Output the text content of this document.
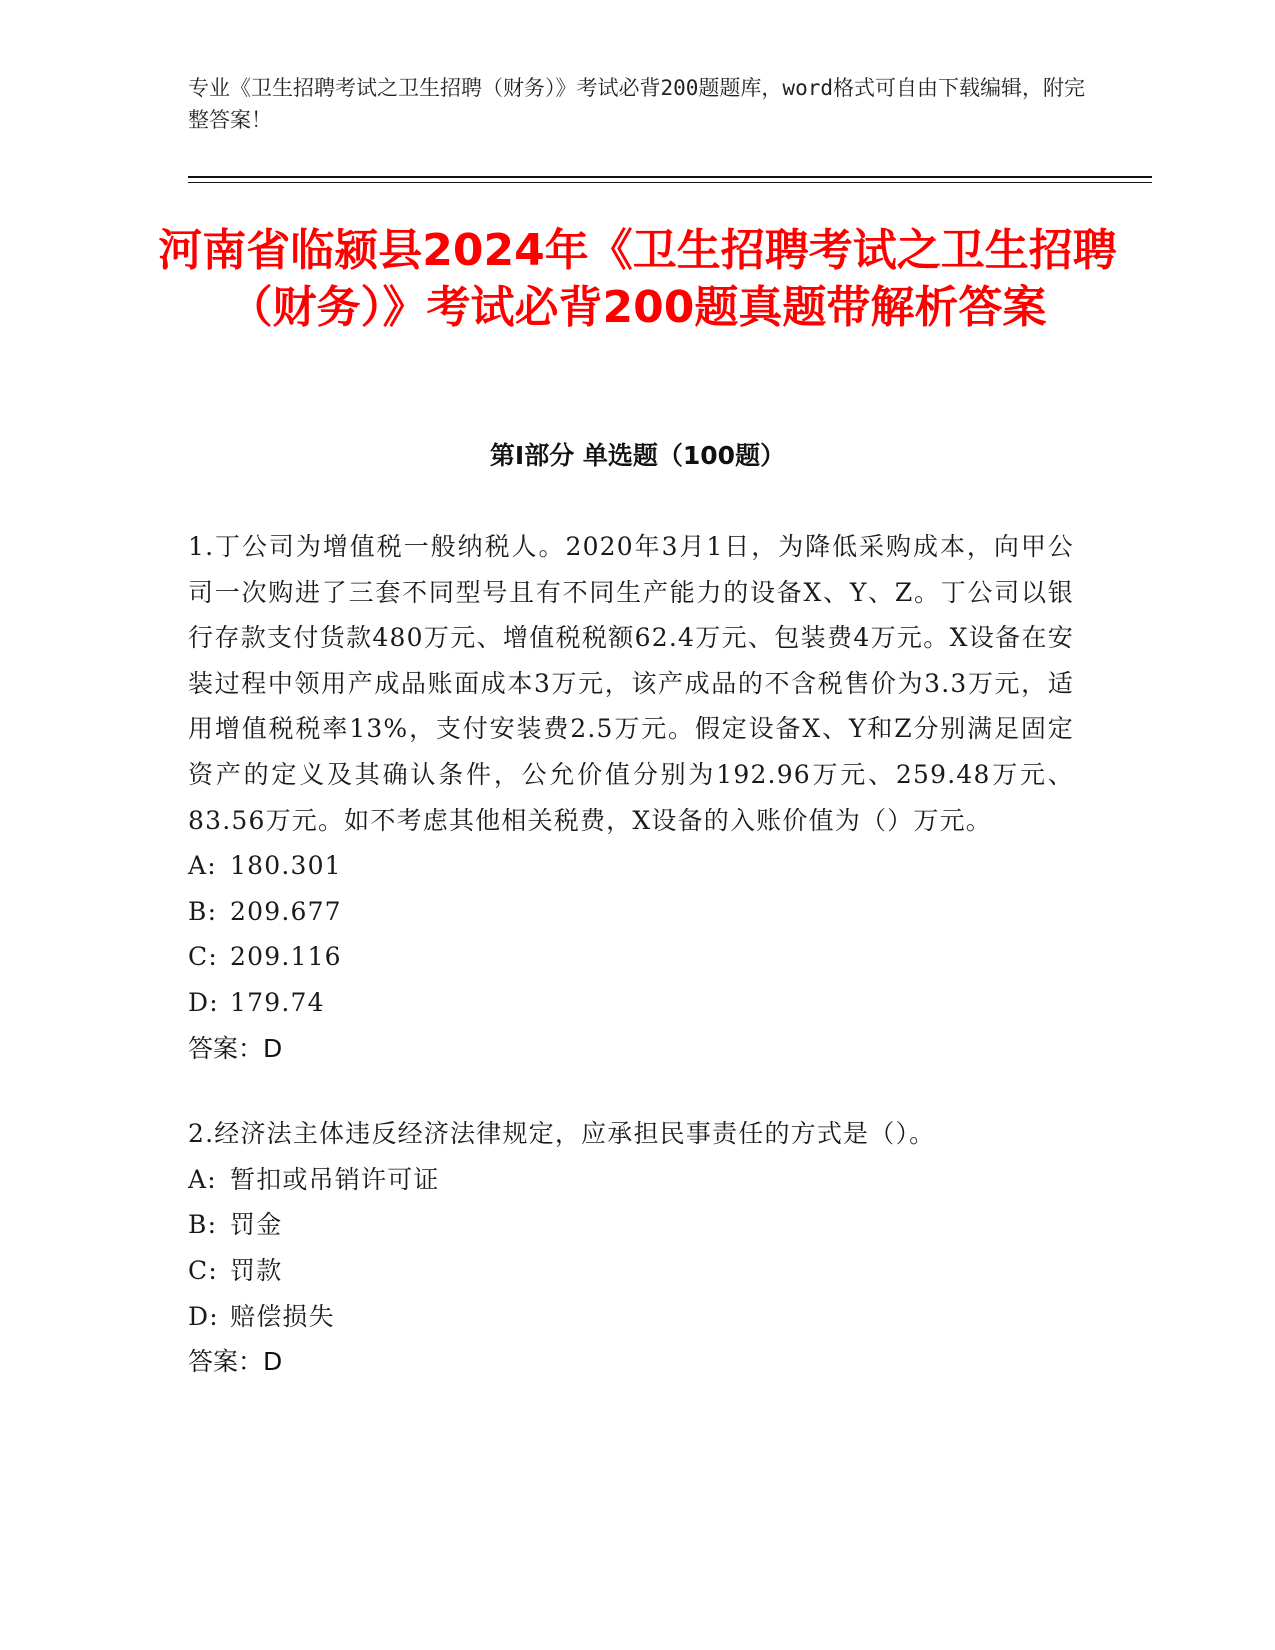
专业《卫生招聘考试之卫生招聘（财务）》考试必背200题题库，word格式可自由下载编辑，附完整答案！
河南省临颍县2024年《卫生招聘考试之卫生招聘（财务）》考试必背200题真题带解析答案
第Ⅰ部分 单选题（100题）

1.丁公司为增值税一般纳税人。2020年3月1日，为降低采购成本，向甲公司一次购进了三套不同型号且有不同生产能力的设备X、Y、Z。丁公司以银行存款支付货款480万元、增值税税额62.4万元、包装费4万元。X设备在安装过程中领用产成品账面成本3万元，该产成品的不含税售价为3.3万元，适用增值税税率13%，支付安装费2.5万元。假定设备X、Y和Z分别满足固定资产的定义及其确认条件，公允价值分别为192.96万元、259.48万元、83.56万元。如不考虑其他相关税费，X设备的入账价值为（）万元。

A: 180.301

B: 209.677

C: 209.116

D: 179.74

答案：D

2.经济法主体违反经济法律规定，应承担民事责任的方式是（）。

A: 暂扣或吊销许可证

B: 罚金

C: 罚款

D: 赔偿损失

答案：D
